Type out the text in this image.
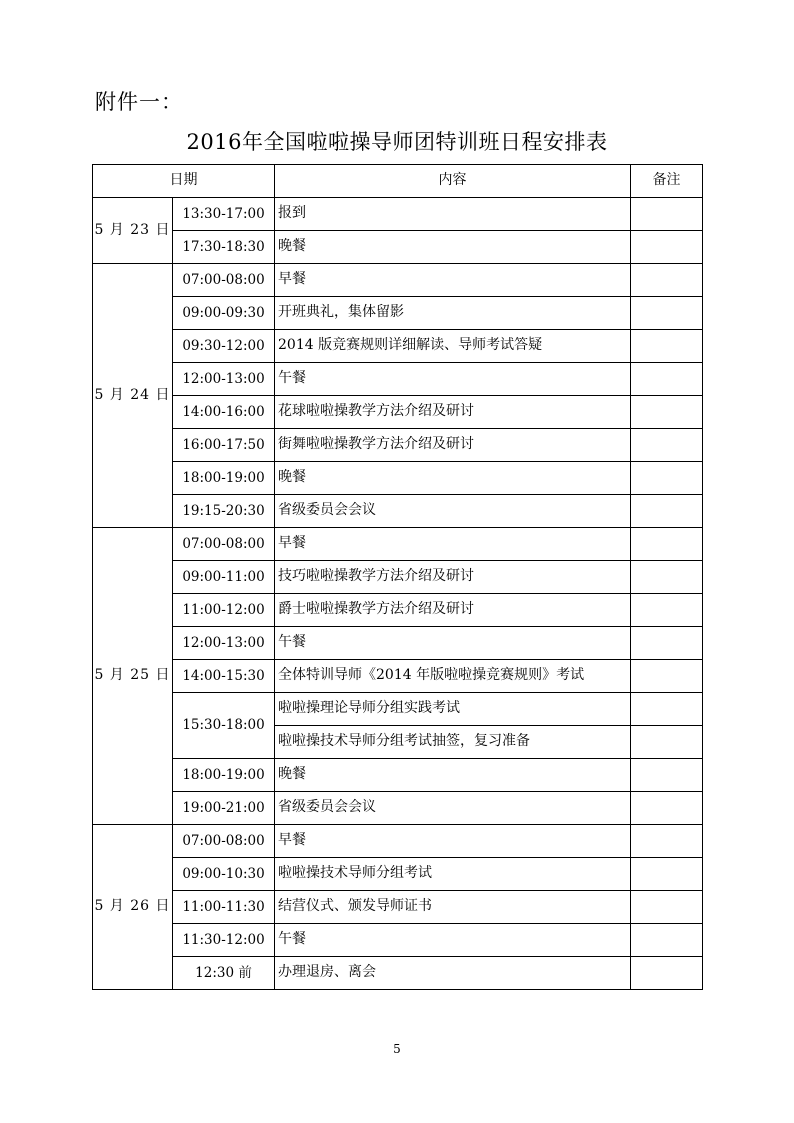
附件一：
2016年全国啦啦操导师团特训班日程安排表
日期		内容	备注
5 月 23 日	13:30-17:00	报到	
	17:30-18:30	晚餐	
5 月 24 日	07:00-08:00	早餐	
	09:00-09:30	开班典礼，集体留影	
	09:30-12:00	2014 版竞赛规则详细解读、导师考试答疑	
	12:00-13:00	午餐	
	14:00-16:00	花球啦啦操教学方法介绍及研讨	
	16:00-17:50	街舞啦啦操教学方法介绍及研讨	
	18:00-19:00	晚餐	
	19:15-20:30	省级委员会会议	
5 月 25 日	07:00-08:00	早餐	
	09:00-11:00	技巧啦啦操教学方法介绍及研讨	
	11:00-12:00	爵士啦啦操教学方法介绍及研讨	
	12:00-13:00	午餐	
	14:00-15:30	全体特训导师《2014 年版啦啦操竞赛规则》考试	
	15:30-18:00	啦啦操理论导师分组实践考试	
		啦啦操技术导师分组考试抽签，复习准备	
	18:00-19:00	晚餐	
	19:00-21:00	省级委员会会议	
5 月 26 日	07:00-08:00	早餐	
	09:00-10:30	啦啦操技术导师分组考试	
	11:00-11:30	结营仪式、颁发导师证书	
	11:30-12:00	午餐	
	12:30 前	办理退房、离会	
5
